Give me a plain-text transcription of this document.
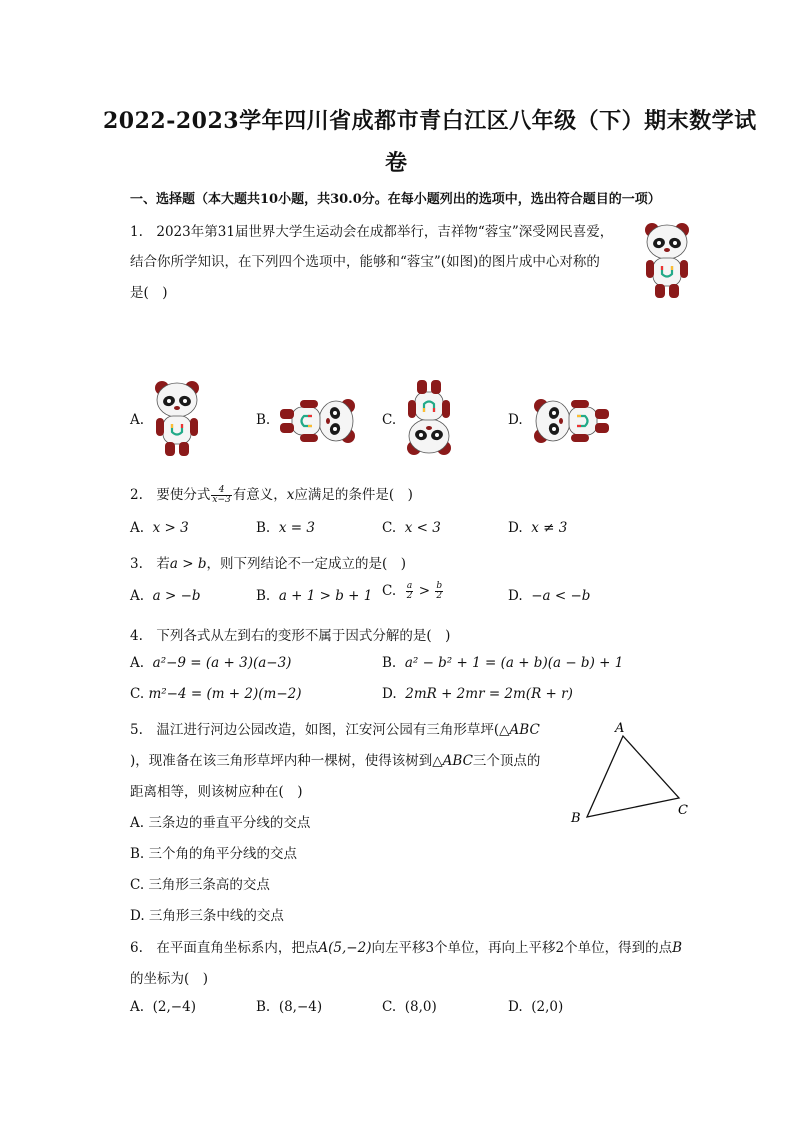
2022-2023学年四川省成都市青白江区八年级（下）期末数学试
卷
一、选择题（本大题共10小题，共30.0分。在每小题列出的选项中，选出符合题目的一项）
1.　2023年第31届世界大学生运动会在成都举行，吉祥物“蓉宝”深受网民喜爱，
结合你所学知识，在下列四个选项中，能够和“蓉宝”(如图)的图片成中心对称的
是(　)
A.	B.	C.	D.
2.　要使分式 $\frac{4}{x-3}$ 有意义，x应满足的条件是(　)
A. x > 3	B. x = 3	C. x < 3	D. x ≠ 3
3.　若a > b，则下列结论不一定成立的是(　)
A. a > −b	B. a + 1 > b + 1 C. $\frac{a}{2} > \frac{b}{2}$	D. −a < −b
4.　下列各式从左到右的变形不属于因式分解的是(　)
A. a²−9 = (a + 3)(a−3)	B. a² − b² + 1 = (a + b)(a − b) + 1
C. m²−4 = (m + 2)(m−2)	D. 2mR + 2mr = 2m(R + r)
5.　温江进行河边公园改造，如图，江安河公园有三角形草坪(△ABC
)，现准备在该三角形草坪内种一棵树，使得该树到△ABC三个顶点的
距离相等，则该树应种在(　)
A. 三条边的垂直平分线的交点
B. 三个角的角平分线的交点
C. 三角形三条高的交点
D. 三角形三条中线的交点
A
B
C
6.　在平面直角坐标系内，把点A(5,−2)向左平移3个单位，再向上平移2个单位，得到的点B
的坐标为(　)
A. (2,−4)	B. (8,−4)	C. (8,0)	D. (2,0)
